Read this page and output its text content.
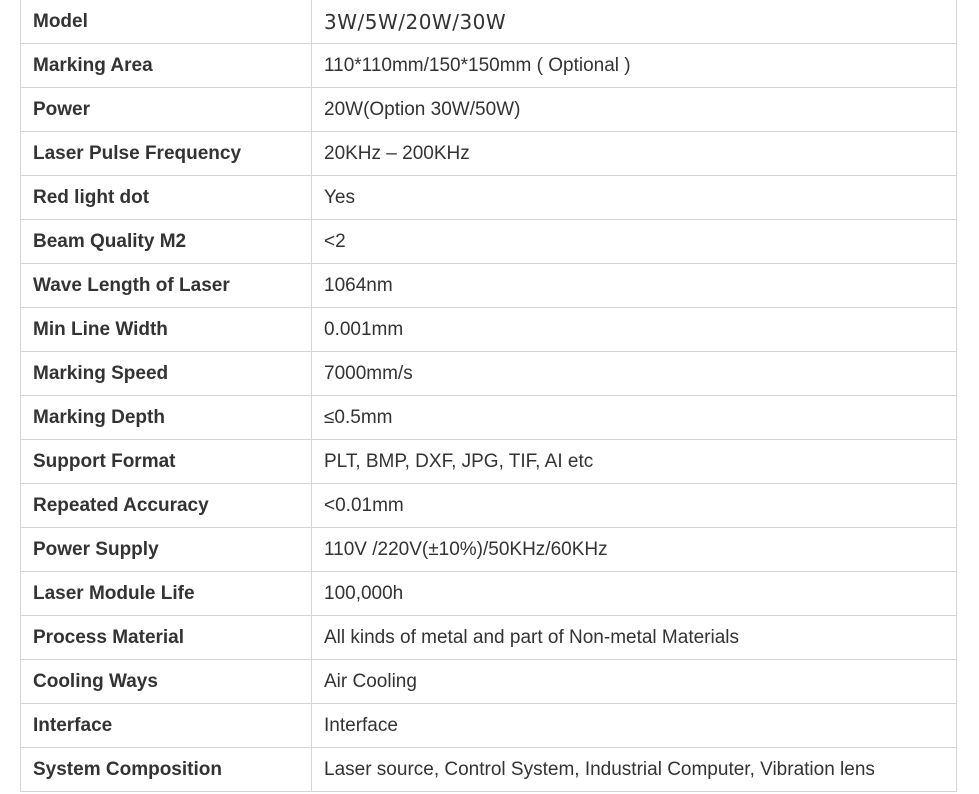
Model	3W/5W/20W/30W
Marking Area	110*110mm/150*150mm ( Optional )
Power	20W(Option 30W/50W)
Laser Pulse Frequency	20KHz – 200KHz
Red light dot	Yes
Beam Quality M2	<2
Wave Length of Laser	1064nm
Min Line Width	0.001mm
Marking Speed	7000mm/s
Marking Depth	≤0.5mm
Support Format	PLT, BMP, DXF, JPG, TIF, AI etc
Repeated Accuracy	<0.01mm
Power Supply	110V /220V(±10%)/50KHz/60KHz
Laser Module Life	100,000h
Process Material	All kinds of metal and part of Non-metal Materials
Cooling Ways	Air Cooling
Interface	Interface
System Composition	Laser source, Control System, Industrial Computer, Vibration lens
